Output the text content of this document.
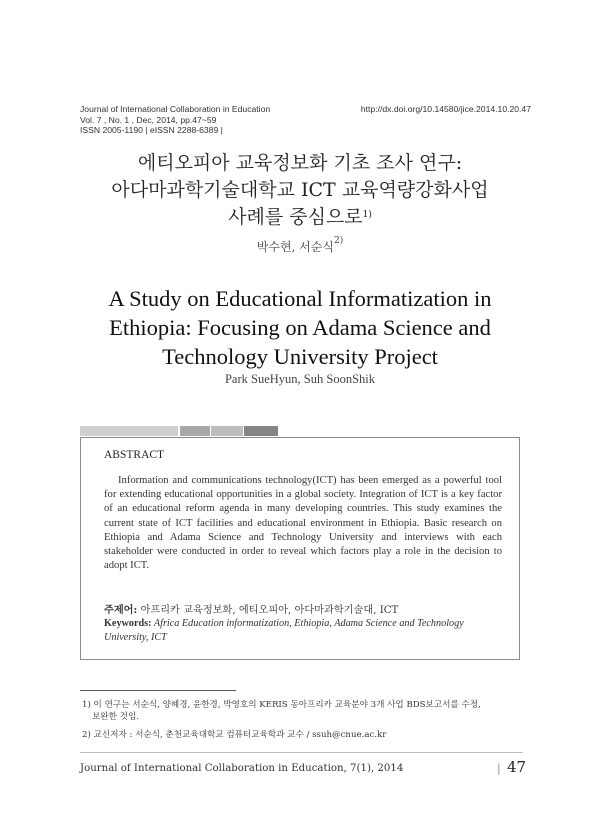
Journal of International Collaboration in Education
Vol. 7 , No. 1 , Dec, 2014, pp.47~59
ISSN 2005-1190 | eISSN 2288-6389 |
http://dx.doi.org/10.14580/jice.2014.10.20.47
에티오피아 교육정보화 기초 조사 연구:
아다마과학기술대학교 ICT 교육역량강화사업
사례를 중심으로$^{1)}$
박수현, 서순식$^{2)}$
A Study on Educational Informatization in
Ethiopia: Focusing on Adama Science and
Technology University Project
Park SueHyun, Suh SoonShik
ABSTRACT
Information and communications technology(ICT) has been emerged as a powerful tool for extending educational opportunities in a global society. Integration of ICT is a key factor of an educational reform agenda in many developing countries. This study examines the current state of ICT facilities and educational environment in Ethiopia. Basic research on Ethiopia and Adama Science and Technology University and interviews with each stakeholder were conducted in order to reveal which factors play a role in the decision to adopt ICT.
주제어: 아프리카 교육정보화, 에티오피아, 아다마과학기술대, ICT
Keywords: Africa Education informatization, Ethiopia, Adama Science and Technology University, ICT
1) 이 연구는 서순식, 양혜경, 윤한경, 박영호의 KERIS 동아프리카 교육분야 3개 사업 BDS보고서를 수정,
보완한 것임.
2) 교신저자 : 서순식, 춘천교육대학교 컴퓨터교육학과 교수 / ssuh@cnue.ac.kr
Journal of International Collaboration in Education, 7(1), 2014	| 47
